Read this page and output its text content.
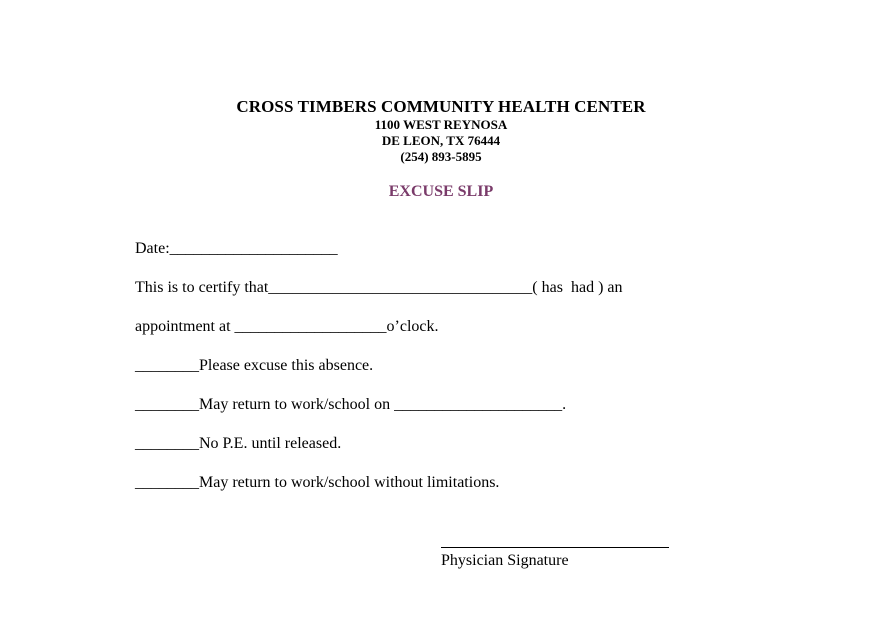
CROSS TIMBERS COMMUNITY HEALTH CENTER
1100 WEST REYNOSA
DE LEON, TX 76444
(254) 893-5895
EXCUSE SLIP
Date:_____________________
This is to certify that_________________________________( has  had ) an
appointment at ___________________o’clock.
________Please excuse this absence.
________May return to work/school on _____________________.
________No P.E. until released.
________May return to work/school without limitations.
Physician Signature
